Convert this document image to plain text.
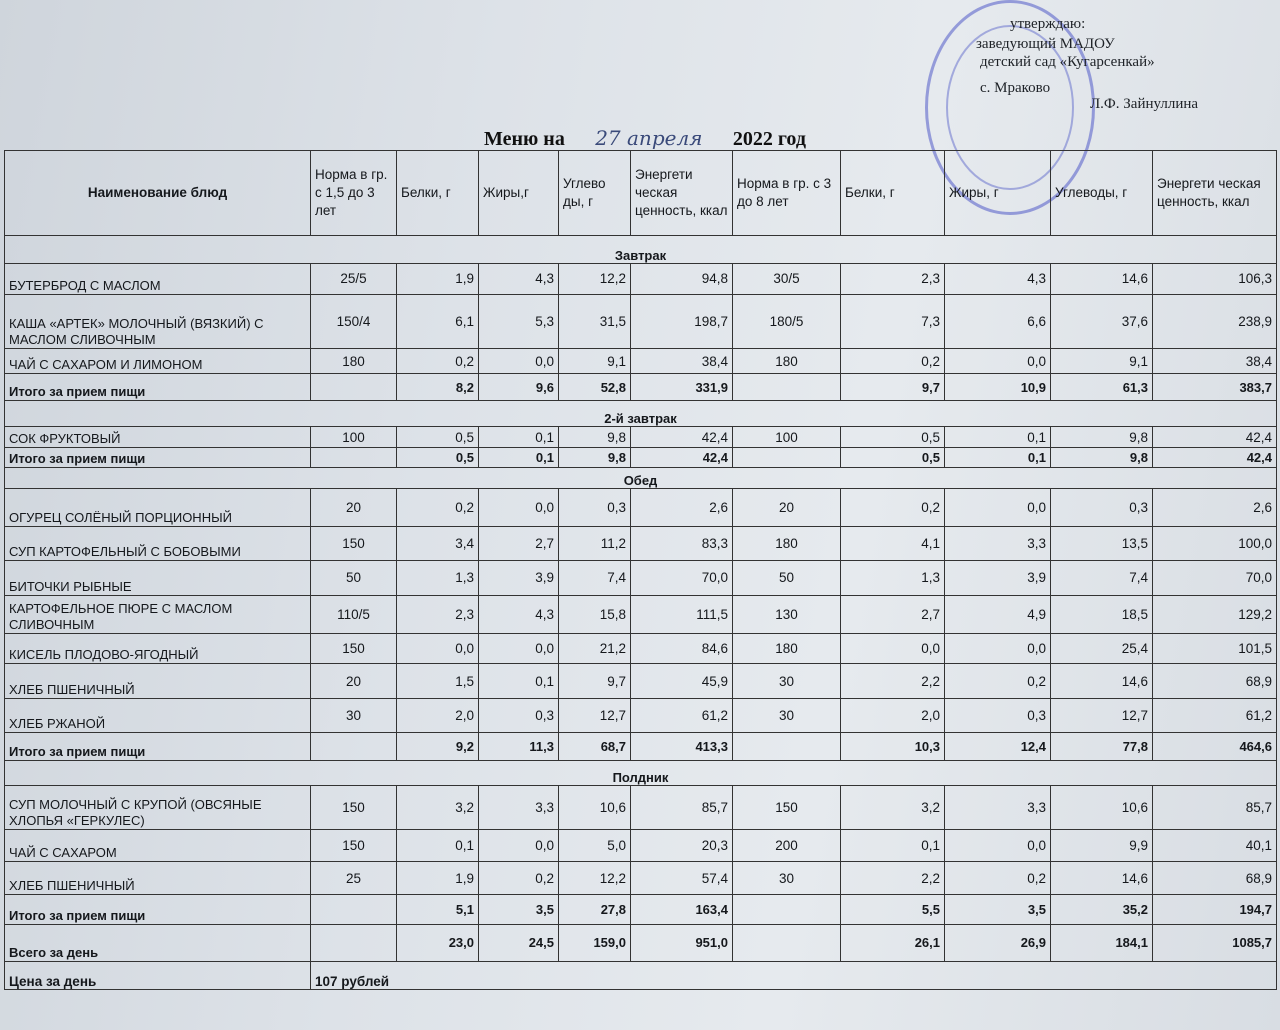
утверждаю:
заведующий МАДОУ
детский сад «Кугарсенкай»
с. Мраково
Л.Ф. Зайнуллина
Меню на 27 апреля 2022 год
Наименование блюд	Норма в гр. с 1,5 до 3 лет	Белки, г	Жиры,г	Углево ды, г	Энергети ческая ценность, ккал	Норма в гр. с 3 до 8 лет	Белки, г	Жиры, г	Углеводы, г	Энергети ческая ценность, ккал
Завтрак										
БУТЕРБРОД С МАСЛОМ	25/5	1,9	4,3	12,2	94,8	30/5	2,3	4,3	14,6	106,3
КАША «АРТЕК» МОЛОЧНЫЙ (ВЯЗКИЙ) С МАСЛОМ СЛИВОЧНЫМ	150/4	6,1	5,3	31,5	198,7	180/5	7,3	6,6	37,6	238,9
ЧАЙ С САХАРОМ И ЛИМОНОМ	180	0,2	0,0	9,1	38,4	180	0,2	0,0	9,1	38,4
Итого за прием пищи		8,2	9,6	52,8	331,9		9,7	10,9	61,3	383,7
2-й завтрак										
СОК ФРУКТОВЫЙ	100	0,5	0,1	9,8	42,4	100	0,5	0,1	9,8	42,4
Итого за прием пищи		0,5	0,1	9,8	42,4		0,5	0,1	9,8	42,4
Обед										
ОГУРЕЦ СОЛЁНЫЙ ПОРЦИОННЫЙ	20	0,2	0,0	0,3	2,6	20	0,2	0,0	0,3	2,6
СУП КАРТОФЕЛЬНЫЙ С БОБОВЫМИ	150	3,4	2,7	11,2	83,3	180	4,1	3,3	13,5	100,0
БИТОЧКИ РЫБНЫЕ	50	1,3	3,9	7,4	70,0	50	1,3	3,9	7,4	70,0
КАРТОФЕЛЬНОЕ ПЮРЕ С МАСЛОМ СЛИВОЧНЫМ	110/5	2,3	4,3	15,8	111,5	130	2,7	4,9	18,5	129,2
КИСЕЛЬ ПЛОДОВО-ЯГОДНЫЙ	150	0,0	0,0	21,2	84,6	180	0,0	0,0	25,4	101,5
ХЛЕБ ПШЕНИЧНЫЙ	20	1,5	0,1	9,7	45,9	30	2,2	0,2	14,6	68,9
ХЛЕБ РЖАНОЙ	30	2,0	0,3	12,7	61,2	30	2,0	0,3	12,7	61,2
Итого за прием пищи		9,2	11,3	68,7	413,3		10,3	12,4	77,8	464,6
Полдник										
СУП МОЛОЧНЫЙ С КРУПОЙ (ОВСЯНЫЕ ХЛОПЬЯ «ГЕРКУЛЕС)	150	3,2	3,3	10,6	85,7	150	3,2	3,3	10,6	85,7
ЧАЙ С САХАРОМ	150	0,1	0,0	5,0	20,3	200	0,1	0,0	9,9	40,1
ХЛЕБ ПШЕНИЧНЫЙ	25	1,9	0,2	12,2	57,4	30	2,2	0,2	14,6	68,9
Итого за прием пищи		5,1	3,5	27,8	163,4		5,5	3,5	35,2	194,7
Всего за день		23,0	24,5	159,0	951,0		26,1	26,9	184,1	1085,7
Цена за день	107 рублей									
